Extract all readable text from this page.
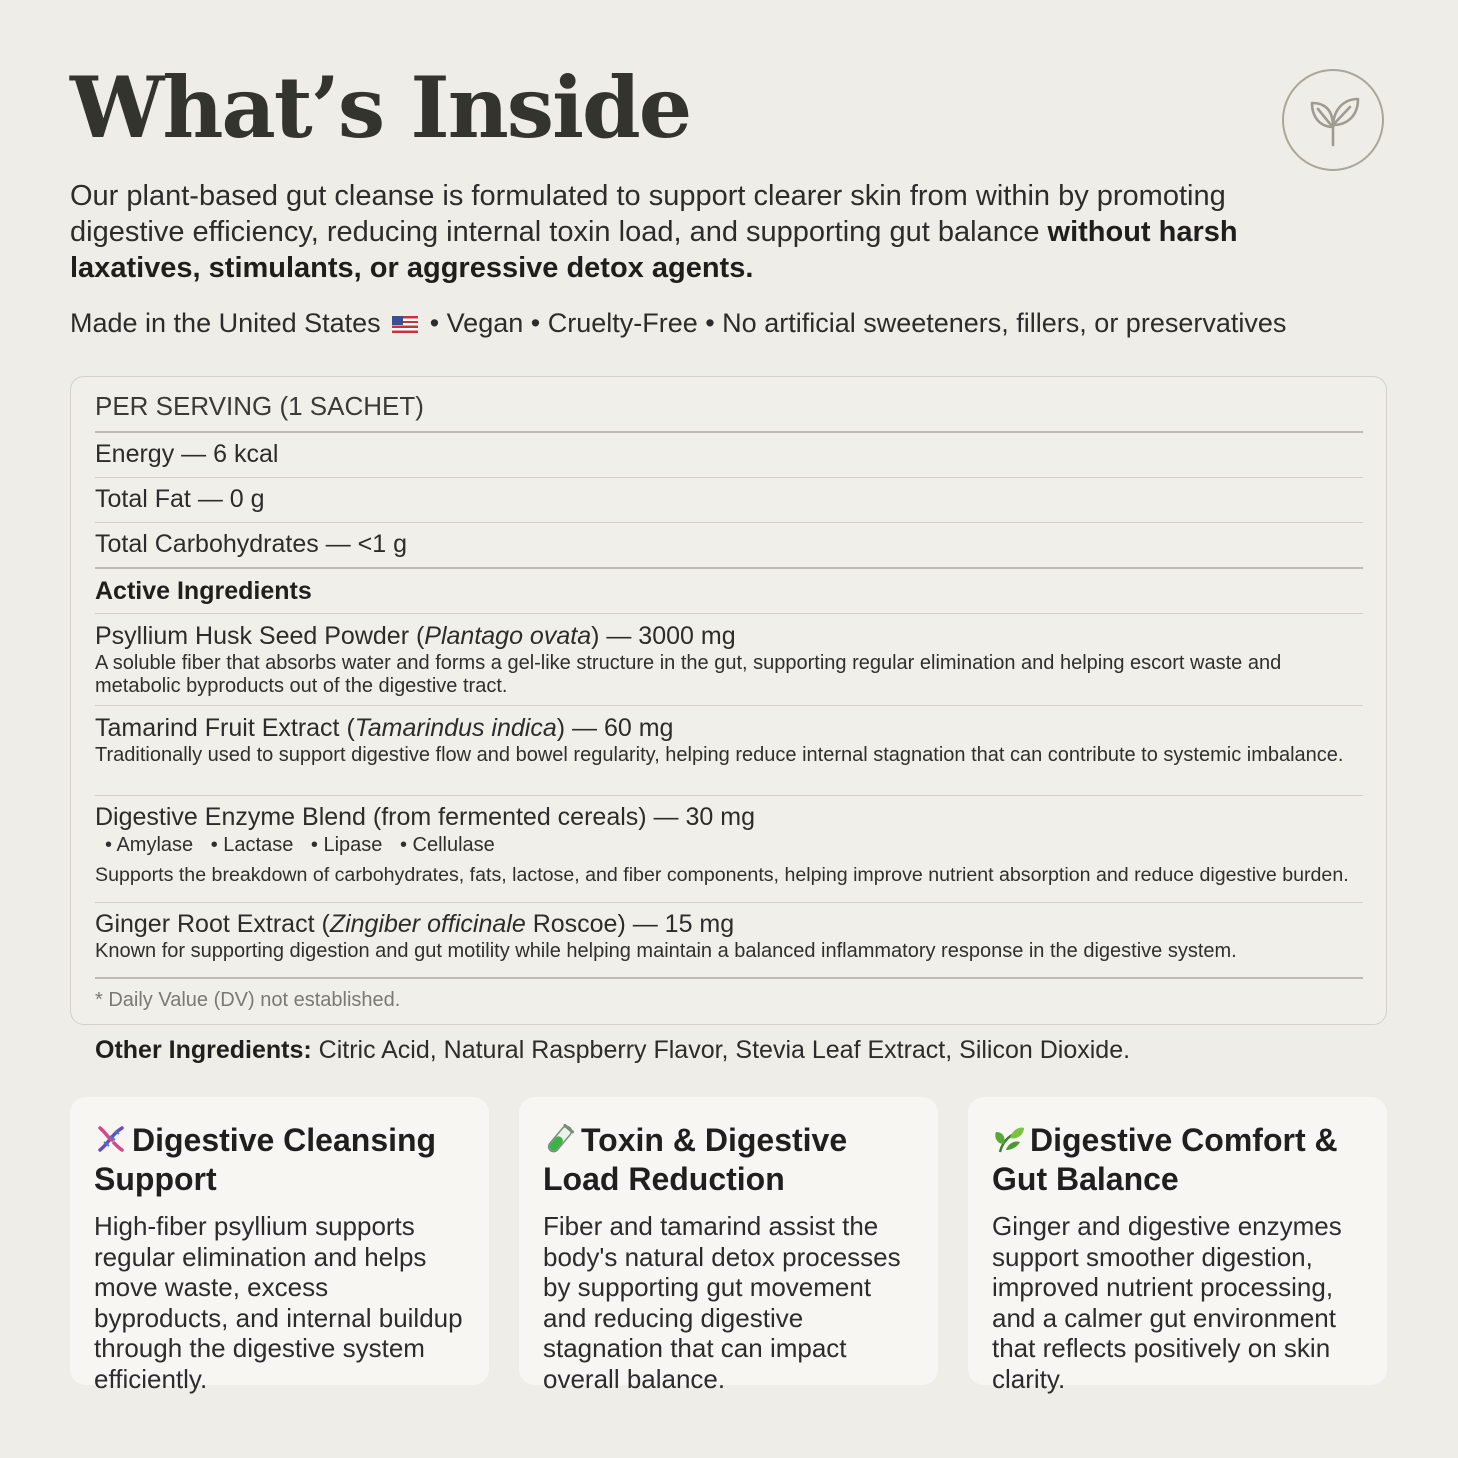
What’s Inside

Our plant-based gut cleanse is formulated to support clearer skin from within by promoting digestive efficiency, reducing internal toxin load, and supporting gut balance without harsh laxatives, stimulants, or aggressive detox agents.

Made in the United States  • Vegan • Cruelty-Free • No artificial sweeteners, fillers, or preservatives

PER SERVING (1 SACHET)
Energy — 6 kcal
Total Fat — 0 g
Total Carbohydrates — <1 g
Active Ingredients
Psyllium Husk Seed Powder (Plantago ovata) — 3000 mg
A soluble fiber that absorbs water and forms a gel-like structure in the gut, supporting regular elimination and helping escort waste and metabolic byproducts out of the digestive tract.
Tamarind Fruit Extract (Tamarindus indica) — 60 mg
Traditionally used to support digestive flow and bowel regularity, helping reduce internal stagnation that can contribute to systemic imbalance.
Digestive Enzyme Blend (from fermented cereals) — 30 mg
• Amylase • Lactase • Lipase • Cellulase
Supports the breakdown of carbohydrates, fats, lactose, and fiber components, helping improve nutrient absorption and reduce digestive burden.
Ginger Root Extract (Zingiber officinale Roscoe) — 15 mg
Known for supporting digestion and gut motility while helping maintain a balanced inflammatory response in the digestive system.
* Daily Value (DV) not established.
Other Ingredients: Citric Acid, Natural Raspberry Flavor, Stevia Leaf Extract, Silicon Dioxide.
Digestive Cleansing Support

High-fiber psyllium supports regular elimination and helps move waste, excess byproducts, and internal buildup through the digestive system efficiently.

Toxin & Digestive Load Reduction

Fiber and tamarind assist the body's natural detox processes by supporting gut movement and reducing digestive stagnation that can impact overall balance.

Digestive Comfort & Gut Balance

Ginger and digestive enzymes support smoother digestion, improved nutrient processing, and a calmer gut environment that reflects positively on skin clarity.
